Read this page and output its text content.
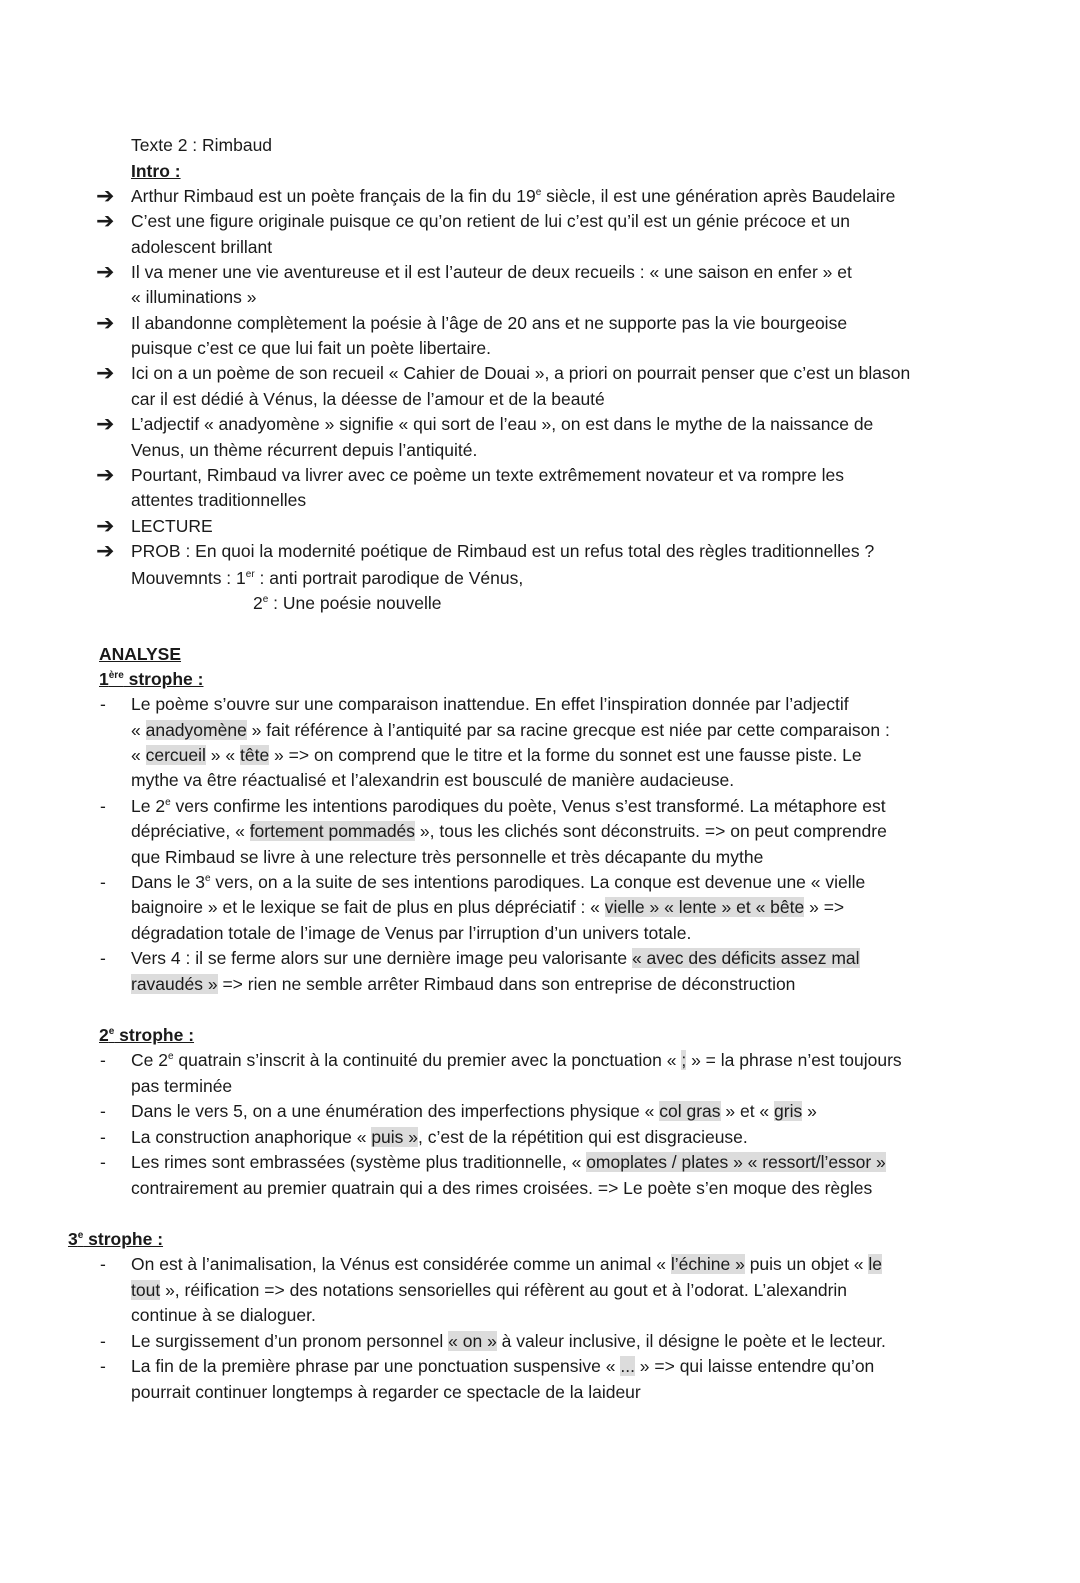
Texte 2 : Rimbaud
Intro :
Mouvemnts : 1er : anti portrait parodique de Vénus,
2e : Une poésie nouvelle
ANALYSE
1ère strophe :
- Le poème s’ouvre sur une comparaison inattendue. En effet l’inspiration donnée par l’adjectif
« anadyomène » fait référence à l’antiquité par sa racine grecque est niée par cette comparaison :
« cercueil » « tête » => on comprend que le titre et la forme du sonnet est une fausse piste. Le
mythe va être réactualisé et l’alexandrin est bousculé de manière audacieuse.
- Le 2e vers confirme les intentions parodiques du poète, Venus s’est transformé. La métaphore est
dépréciative, « fortement pommadés », tous les clichés sont déconstruits. => on peut comprendre
que Rimbaud se livre à une relecture très personnelle et très décapante du mythe
- Dans le 3e vers, on a la suite de ses intentions parodiques. La conque est devenue une « vielle
baignoire » et le lexique se fait de plus en plus dépréciatif : « vielle » « lente » et « bête » =>
dégradation totale de l’image de Venus par l’irruption d’un univers totale.
- Vers 4 : il se ferme alors sur une dernière image peu valorisante « avec des déficits assez mal
ravaudés » => rien ne semble arrêter Rimbaud dans son entreprise de déconstruction
2e strophe :
- Ce 2e quatrain s’inscrit à la continuité du premier avec la ponctuation « ; » = la phrase n’est toujours
pas terminée
- Dans le vers 5, on a une énumération des imperfections physique « col gras » et « gris »
- La construction anaphorique « puis », c’est de la répétition qui est disgracieuse.
- Les rimes sont embrassées (système plus traditionnelle, « omoplates / plates » « ressort/l’essor »
contrairement au premier quatrain qui a des rimes croisées. => Le poète s’en moque des règles
3e strophe :
- On est à l’animalisation, la Vénus est considérée comme un animal « l’échine » puis un objet « le
tout », réification => des notations sensorielles qui réfèrent au gout et à l’odorat. L’alexandrin
continue à se dialoguer.
- Le surgissement d’un pronom personnel « on » à valeur inclusive, il désigne le poète et le lecteur.
- La fin de la première phrase par une ponctuation suspensive « ... » => qui laisse entendre qu’on
pourrait continuer longtemps à regarder ce spectacle de la laideur
➔ Arthur Rimbaud est un poète français de la fin du 19e siècle, il est une génération après Baudelaire
➔ C’est une figure originale puisque ce qu’on retient de lui c’est qu’il est un génie précoce et un
adolescent brillant
➔ Il va mener une vie aventureuse et il est l’auteur de deux recueils : « une saison en enfer » et
« illuminations »
➔ Il abandonne complètement la poésie à l’âge de 20 ans et ne supporte pas la vie bourgeoise
puisque c’est ce que lui fait un poète libertaire.
➔ Ici on a un poème de son recueil « Cahier de Douai », a priori on pourrait penser que c’est un blason
car il est dédié à Vénus, la déesse de l’amour et de la beauté
➔ L’adjectif « anadyomène » signifie « qui sort de l’eau », on est dans le mythe de la naissance de
Venus, un thème récurrent depuis l’antiquité.
➔ Pourtant, Rimbaud va livrer avec ce poème un texte extrêmement novateur et va rompre les
attentes traditionnelles
➔ LECTURE
➔ PROB : En quoi la modernité poétique de Rimbaud est un refus total des règles traditionnelles ?
